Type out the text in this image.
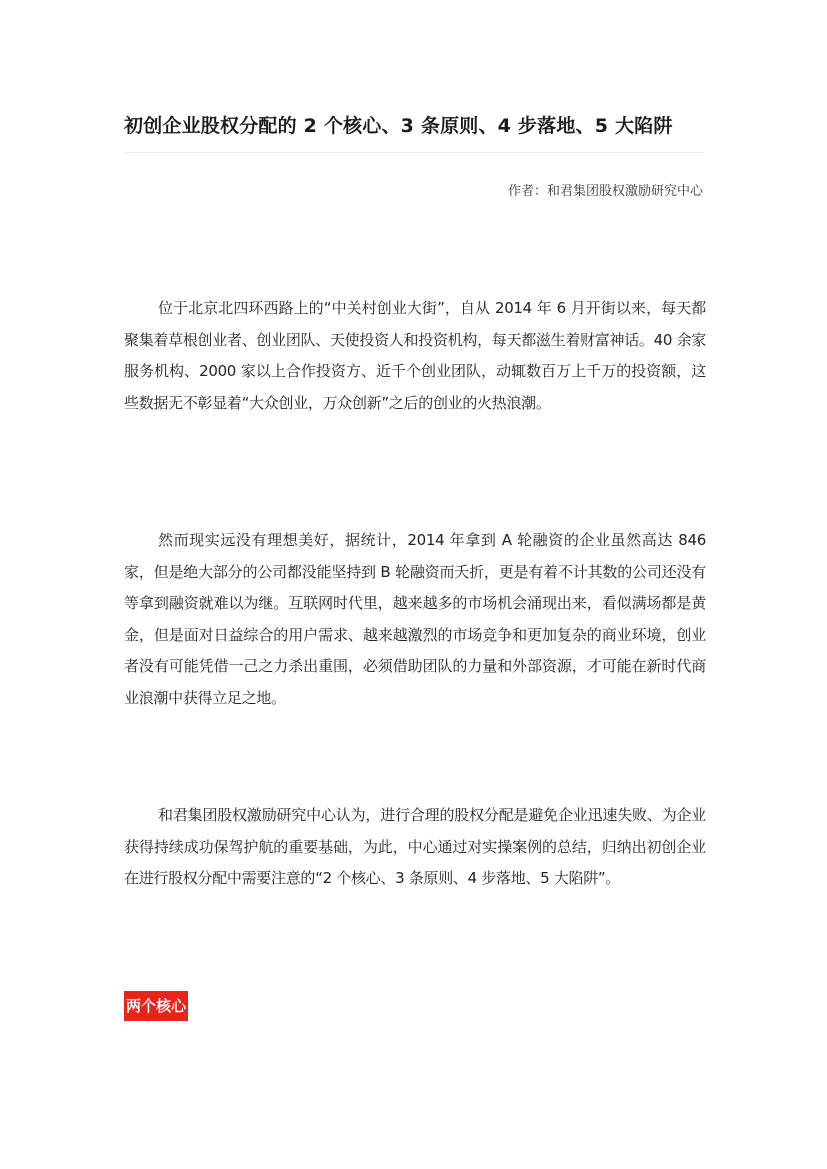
初创企业股权分配的 2 个核心、3 条原则、4 步落地、5 大陷阱
作者：和君集团股权激励研究中心

位于北京北四环西路上的“中关村创业大街”，自从 2014 年 6 月开街以来，每天都聚集着草根创业者、创业团队、天使投资人和投资机构，每天都滋生着财富神话。40 余家服务机构、2000 家以上合作投资方、近千个创业团队，动辄数百万上千万的投资额，这些数据无不彰显着“大众创业，万众创新”之后的创业的火热浪潮。

然而现实远没有理想美好，据统计，2014 年拿到 A 轮融资的企业虽然高达 846 家，但是绝大部分的公司都没能坚持到 B 轮融资而夭折，更是有着不计其数的公司还没有等拿到融资就难以为继。互联网时代里，越来越多的市场机会涌现出来，看似满场都是黄金，但是面对日益综合的用户需求、越来越激烈的市场竞争和更加复杂的商业环境，创业者没有可能凭借一己之力杀出重围，必须借助团队的力量和外部资源，才可能在新时代商业浪潮中获得立足之地。

和君集团股权激励研究中心认为，进行合理的股权分配是避免企业迅速失败、为企业获得持续成功保驾护航的重要基础，为此，中心通过对实操案例的总结，归纳出初创企业在进行股权分配中需要注意的“2 个核心、3 条原则、4 步落地、5 大陷阱”。

两个核心
